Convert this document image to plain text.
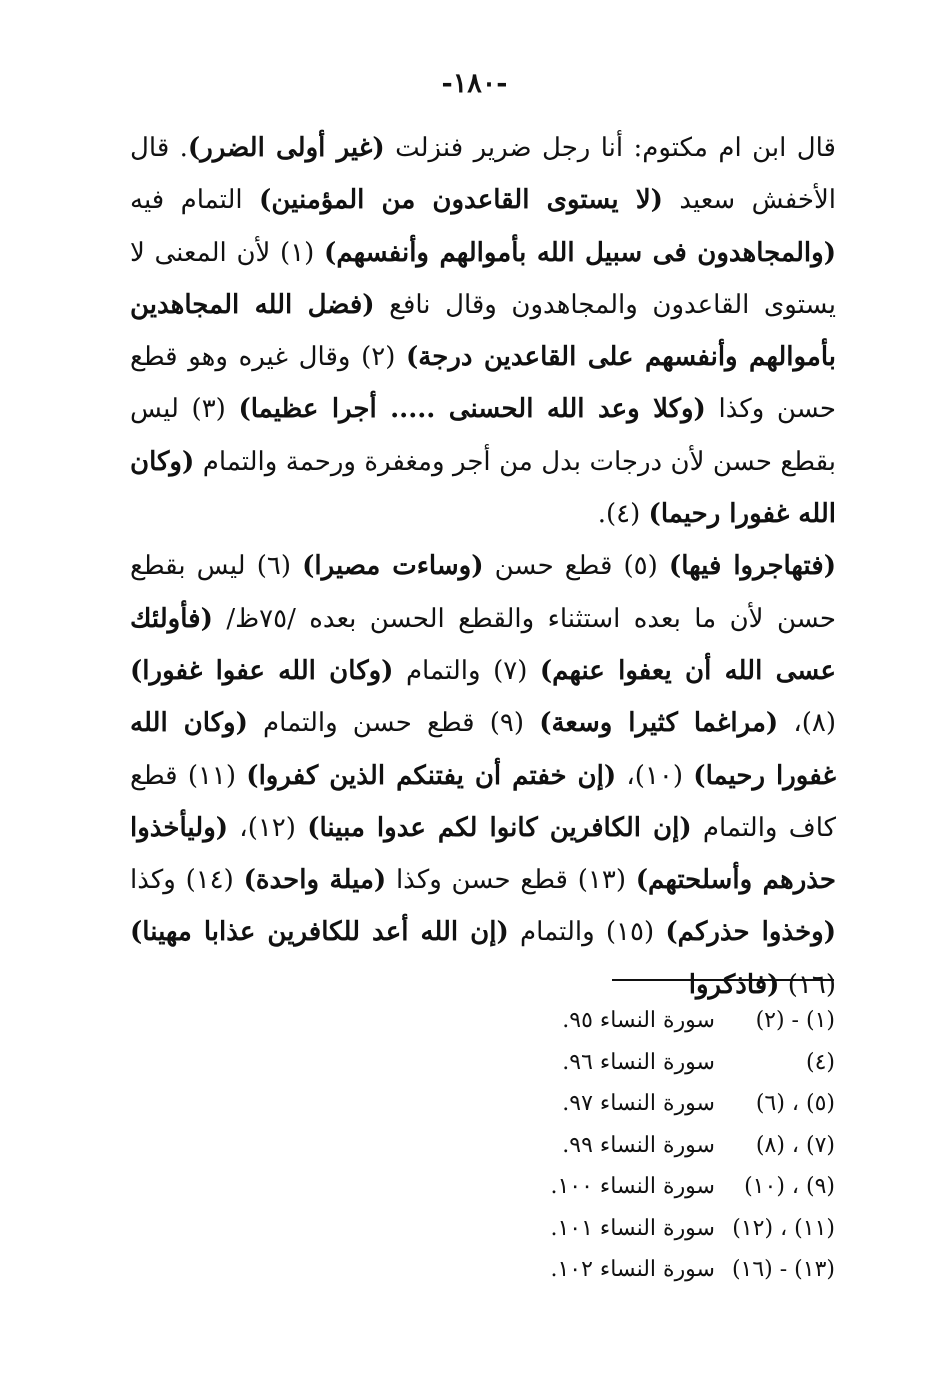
-١٨٠-

قال ابن ام مكتوم: أنا رجل ضرير فنزلت (غير أولى الضرر). قال الأخفش سعيد (لا يستوى القاعدون من المؤمنين) التمام فيه (والمجاهدون فى سبيل الله بأموالهم وأنفسهم) (١) لأن المعنى لا يستوى القاعدون والمجاهدون وقال نافع (فضل الله المجاهدين بأموالهم وأنفسهم على القاعدين درجة) (٢) وقال غيره وهو قطع حسن وكذا (وكلا وعد الله الحسنى ..... أجرا عظيما) (٣) ليس بقطع حسن لأن درجات بدل من أجر ومغفرة ورحمة والتمام (وكان الله غفورا رحيما) (٤).

(فتهاجروا فيها) (٥) قطع حسن (وساءت مصيرا) (٦) ليس بقطع حسن لأن ما بعده استثناء والقطع الحسن بعده /٧٥ظ/ (فأولئك عسى الله أن يعفوا عنهم) (٧) والتمام (وكان الله عفوا غفورا) (٨)، (مراغما كثيرا وسعة) (٩) قطع حسن والتمام (وكان الله غفورا رحيما) (١٠)، (إن خفتم أن يفتنكم الذين كفروا) (١١) قطع كاف والتمام (إن الكافرين كانوا لكم عدوا مبينا) (١٢)، (وليأخذوا حذرهم وأسلحتهم) (١٣) قطع حسن وكذا (ميلة واحدة) (١٤) وكذا (وخذوا حذركم) (١٥) والتمام (إن الله أعد للكافرين عذابا مهينا) (١٦) (فاذكروا

(١) - (٢)
سورة النساء ٩٥.
(٤)
سورة النساء ٩٦.
(٥) ، (٦)
سورة النساء ٩٧.
(٧) ، (٨)
سورة النساء ٩٩.
(٩) ، (١٠)
سورة النساء ١٠٠.
(١١) ، (١٢)
سورة النساء ١٠١.
(١٣) - (١٦)
سورة النساء ١٠٢.
